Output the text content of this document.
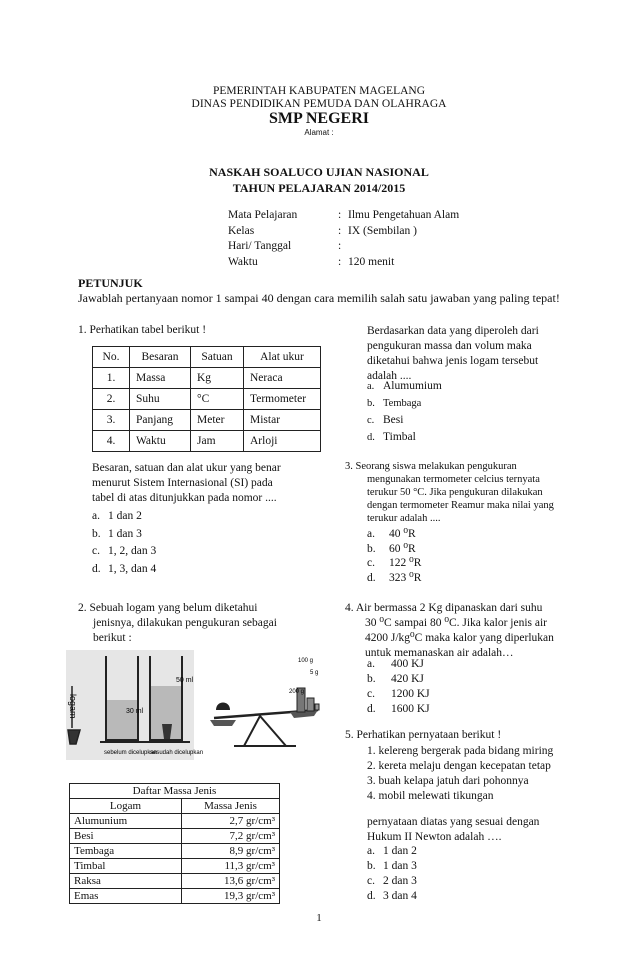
PEMERINTAH KABUPATEN MAGELANG
DINAS PENDIDIKAN PEMUDA DAN OLAHRAGA
SMP NEGERI
Alamat :
NASKAH SOALUCO UJIAN NASIONAL
TAHUN PELAJARAN 2014/2015
Mata Pelajaran	: Ilmu Pengetahuan Alam
Kelas	: IX (Sembilan )
Hari/ Tanggal	:
Waktu	: 120 menit
PETUNJUK
Jawablah pertanyaan nomor 1 sampai 40 dengan cara memilih salah satu jawaban yang paling tepat!
1. Perhatikan tabel berikut !
No.	Besaran	Satuan	Alat ukur
1.	Massa	Kg	Neraca
2.	Suhu	°C	Termometer
3.	Panjang	Meter	Mistar
4.	Waktu	Jam	Arloji
Besaran, satuan dan alat ukur yang benar
menurut Sistem Internasional (SI) pada
tabel di atas ditunjukkan pada nomor ....
a. 1 dan 2
b. 1 dan 3
c. 1, 2, dan 3
d. 1, 3, dan 4
2. Sebuah logam yang belum diketahui
jenisnya, dilakukan pengukuran sebagai
berikut :
30 ml
logam
sebelum dicelupkan
50 ml
sesudah dicelupkan
200 g
100 g
5 g
Daftar Massa Jenis	
Logam	Massa Jenis
Alumunium	2,7 gr/cm³
Besi	7,2 gr/cm³
Tembaga	8,9 gr/cm³
Timbal	11,3 gr/cm³
Raksa	13,6 gr/cm³
Emas	19,3 gr/cm³
Berdasarkan data yang diperoleh dari
pengukuran massa dan volum maka
diketahui bahwa jenis logam tersebut
adalah ....
a. Alumumium
b. Tembaga
c. Besi
d. Timbal
3. Seorang siswa melakukan pengukuran
mengunakan termometer celcius ternyata
terukur 50 °C. Jika pengukuran dilakukan
dengan termometer Reamur maka nilai yang
terukur adalah ....
a.	40 ⁰R
b.	60 ⁰R
c.	122 ⁰R
d.	323 ⁰R
4. Air bermassa 2 Kg dipanaskan dari suhu
30 ⁰C sampai 80 ⁰C. Jika kalor jenis air
4200 J/kg⁰C maka kalor yang diperlukan
untuk memanaskan air adalah…
a.	400 KJ
b.	420 KJ
c.	1200 KJ
d.	1600 KJ
5. Perhatikan pernyataan berikut !
1. kelereng bergerak pada bidang miring
2. kereta melaju dengan kecepatan tetap
3. buah kelapa jatuh dari pohonnya
4. mobil melewati tikungan
pernyataan diatas yang sesuai dengan
Hukum II Newton adalah ….
a. 1 dan 2
b. 1 dan 3
c. 2 dan 3
d. 3 dan 4
1
